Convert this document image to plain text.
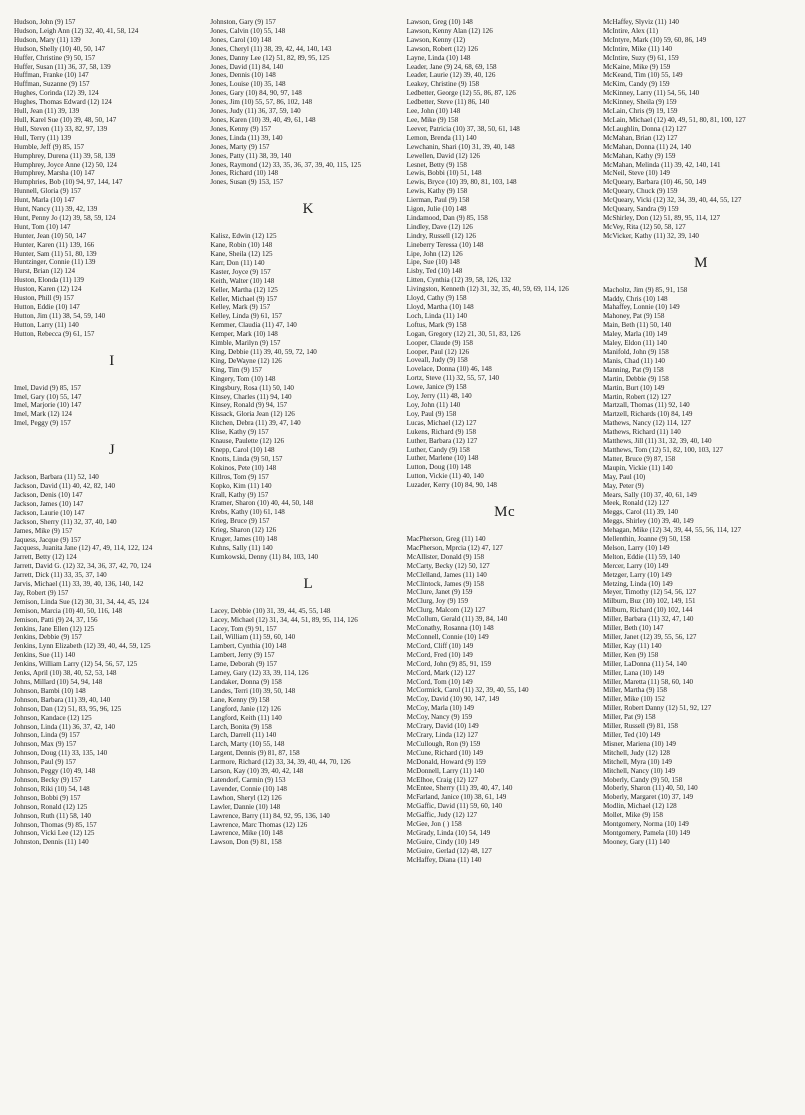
Hudson, John (9) 157
Hudson, Leigh Ann (12) 32, 40, 41, 58, 124
Hudson, Mary (11) 139
Hudson, Shelly (10) 40, 50, 147
Huffer, Christine (9) 50, 157
Huffer, Susan (11) 36, 37, 58, 139
Huffman, Franke (10) 147
Huffman, Suzanne (9) 157
Hughes, Corinda (12) 39, 124
Hughes, Thomas Edward (12) 124
Hull, Jean (11) 39, 139
Hull, Karel Sue (10) 39, 48, 50, 147
Hull, Steven (11) 33, 82, 97, 139
Hull, Terry (11) 139
Humble, Jeff (9) 85, 157
Humphrey, Durena (11) 39, 58, 139
Humphrey, Joyce Anne (12) 50, 124
Humphrey, Marsha (10) 147
Humphries, Bob (10) 94, 97, 144, 147
Hunnell, Gloria (9) 157
Hunt, Marla (10) 147
Hunt, Nancy (11) 39, 42, 139
Hunt, Penny Jo (12) 39, 58, 59, 124
Hunt, Tom (10) 147
Hunter, Jean (10) 50, 147
Hunter, Karen (11) 139, 166
Hunter, Sam (11) 51, 80, 139
Huntzinger, Connie (11) 139
Hurst, Brian (12) 124
Huston, Elonda (11) 139
Huston, Karen (12) 124
Huston, Phill (9) 157
Hutton, Eddie (10) 147
Hutton, Jim (11) 38, 54, 59, 140
Hutton, Larry (11) 140
Hutton, Rebecca (9) 61, 157
I
Imel, David (9) 85, 157
Imel, Gary (10) 55, 147
Imel, Marjorie (10) 147
Imel, Mark (12) 124
Imel, Peggy (9) 157
J
Jackson, Barbara (11) 52, 140
Jackson, David (11) 40, 42, 82, 140
Jackson, Denis (10) 147
Jackson, James (10) 147
Jackson, Laurie (10) 147
Jackson, Sherry (11) 32, 37, 40, 140
James, Mike (9) 157
Jaquess, Jacque (9) 157
Jacquess, Juanita Jane (12) 47, 49, 114, 122, 124
Jarrett, Betty (12) 124
Jarrett, David G. (12) 32, 34, 36, 37, 42, 70, 124
Jarrett, Dick (11) 33, 35, 37, 140
Jarvis, Michael (11) 33, 39, 40, 136, 140, 142
Jay, Robert (9) 157
Jemison, Linda Sue (12) 30, 31, 34, 44, 45, 124
Jemison, Marcia (10) 40, 50, 116, 148
Jemison, Patti (9) 24, 37, 156
Jenkins, Jane Ellen (12) 125
Jenkins, Debbie (9) 157
Jenkins, Lynn Elizabeth (12) 39, 40, 44, 59, 125
Jenkins, Sue (11) 140
Jenkins, William Larry (12) 54, 56, 57, 125
Jenks, April (10) 38, 40, 52, 53, 148
Johns, Millard (10) 54, 94, 148
Johnson, Bambi (10) 148
Johnson, Barbara (11) 39, 40, 140
Johnson, Dan (12) 51, 83, 95, 96, 125
Johnson, Kandace (12) 125
Johnson, Linda (11) 36, 37, 42, 140
Johnson, Linda (9) 157
Johnson, Max (9) 157
Johnson, Doug (11) 33, 135, 140
Johnson, Paul (9) 157
Johnson, Peggy (10) 49, 148
Johnson, Becky (9) 157
Johnson, Riki (10) 54, 148
Johnson, Bobbi (9) 157
Johnson, Ronald (12) 125
Johnson, Ruth (11) 58, 140
Johnson, Thomas (9) 85, 157
Johnson, Vicki Lee (12) 125
Johnston, Dennis (11) 140
Johnston, Gary (9) 157
Jones, Calvin (10) 55, 148
Jones, Carol (10) 148
Jones, Cheryl (11) 38, 39, 42, 44, 140, 143
Jones, Danny Lee (12) 51, 82, 89, 95, 125
Jones, David (11) 84, 140
Jones, Dennis (10) 148
Jones, Louise (10) 35, 148
Jones, Gary (10) 84, 90, 97, 148
Jones, Jim (10) 55, 57, 86, 102, 148
Jones, Judy (11) 36, 37, 59, 140
Jones, Karen (10) 39, 40, 49, 61, 148
Jones, Kenny (9) 157
Jones, Linda (11) 39, 140
Jones, Marty (9) 157
Jones, Patty (11) 38, 39, 140
Jones, Raymond (12) 33, 35, 36, 37, 39, 40, 115, 125
Jones, Richard (10) 148
Jones, Susan (9) 153, 157
K
Kalisz, Edwin (12) 125
Kane, Robin (10) 148
Kane, Sheila (12) 125
Karr, Don (11) 140
Kaster, Joyce (9) 157
Keith, Walter (10) 148
Keller, Martha (12) 125
Keller, Michael (9) 157
Kelley, Mark (9) 157
Kelley, Linda (9) 61, 157
Kemmer, Claudia (11) 47, 140
Kemper, Mark (10) 148
Kimble, Marilyn (9) 157
King, Debbie (11) 39, 40, 59, 72, 140
King, DeWayne (12) 126
King, Tim (9) 157
Kingery, Tom (10) 148
Kingsbury, Rosa (11) 50, 140
Kinsey, Charles (11) 94, 140
Kinsey, Ronald (9) 94, 157
Kissack, Gloria Jean (12) 126
Kitchen, Debra (11) 39, 47, 140
Klise, Kathy (9) 157
Knause, Paulette (12) 126
Knepp, Carol (10) 148
Knotts, Linda (9) 50, 157
Kokinos, Pete (10) 148
Killros, Tom (9) 157
Kopko, Kim (11) 140
Krall, Kathy (9) 157
Kramer, Sharon (10) 40, 44, 50, 148
Krebs, Kathy (10) 61, 148
Krieg, Bruce (9) 157
Krieg, Sharon (12) 126
Kruger, James (10) 148
Kuhns, Sally (11) 140
Kumkowski, Denny (11) 84, 103, 140
L
Lacey, Debbie (10) 31, 39, 44, 45, 55, 148
Lacey, Michael (12) 31, 34, 44, 51, 89, 95, 114, 126
Lacey, Tom (9) 91, 157
Lail, William (11) 59, 60, 140
Lambert, Cynthia (10) 148
Lambert, Jerry (9) 157
Lame, Deborah (9) 157
Lamey, Gary (12) 33, 39, 114, 126
Landaker, Donna (9) 158
Landes, Terri (10) 39, 50, 148
Lane, Kenny (9) 158
Langford, Janie (12) 126
Langford, Keith (11) 140
Larch, Bonita (9) 158
Larch, Darrell (11) 140
Larch, Marty (10) 55, 148
Largent, Dennis (9) 81, 87, 158
Larmore, Richard (12) 33, 34, 39, 40, 44, 70, 126
Larson, Kay (10) 39, 40, 42, 148
Latendorf, Carmin (9) 153
Lavender, Connie (10) 148
Lawhon, Sheryl (12) 126
Lawler, Dannie (10) 148
Lawrence, Barry (11) 84, 92, 95, 136, 140
Lawrence, Marc Thomas (12) 126
Lawrence, Mike (10) 148
Lawson, Don (9) 81, 158
Lawson, Greg (10) 148
Lawson, Kenny Alan (12) 126
Lawson, Kenny (12)
Lawson, Robert (12) 126
Layne, Linda (10) 148
Leader, Jane (9) 24, 68, 69, 158
Leader, Laurie (12) 39, 40, 126
Leakey, Christine (9) 158
Ledbetter, George (12) 55, 86, 87, 126
Ledbetter, Steve (11) 86, 140
Lee, John (10) 148
Lee, Mike (9) 158
Leever, Patricia (10) 37, 38, 50, 61, 148
Lemon, Brenda (11) 140
Lewchanin, Shari (10) 31, 39, 40, 148
Lewellen, David (12) 126
Lesnet, Betty (9) 158
Lewis, Bobbi (10) 51, 148
Lewis, Bryce (10) 39, 80, 81, 103, 148
Lewis, Kathy (9) 158
Lierman, Paul (9) 158
Ligon, Julie (10) 148
Lindamood, Dan (9) 85, 158
Lindley, Dave (12) 126
Lindry, Russell (12) 126
Lineberry Teressa (10) 148
Lipe, John (12) 126
Lipe, Sue (10) 148
Lisby, Ted (10) 148
Litten, Cynthia (12) 39, 58, 126, 132
Livingston, Kenneth (12) 31, 32, 35, 40, 59, 69, 114, 126
Lloyd, Cathy (9) 158
Lloyd, Martha (10) 148
Loch, Linda (11) 140
Loftus, Mark (9) 158
Logan, Gregory (12) 21, 30, 51, 83, 126
Looper, Claude (9) 158
Looper, Paul (12) 126
Loveall, Judy (9) 158
Lovelace, Donna (10) 46, 148
Lortz, Steve (11) 32, 55, 57, 140
Lowe, Janice (9) 158
Loy, Jerry (11) 48, 140
Loy, John (11) 140
Loy, Paul (9) 158
Lucas, Michael (12) 127
Lukens, Richard (9) 158
Luther, Barbara (12) 127
Luther, Candy (9) 158
Luther, Marlene (10) 148
Lutton, Doug (10) 148
Lutton, Vickie (11) 40, 140
Luzader, Kerry (10) 84, 90, 148
Mc
MacPherson, Greg (11) 140
MacPherson, Mprcia (12) 47, 127
McAllister, Donald (9) 158
McCarty, Becky (12) 50, 127
McClelland, James (11) 140
McClintock, James (9) 158
McClure, Janet (9) 159
McClurg, Joy (9) 159
McClurg, Malcom (12) 127
McCollum, Gerald (11) 39, 84, 140
McConathy, Rosanna (10) 148
McConnell, Connie (10) 149
McCord, Cliff (10) 149
McCord, Fred (10) 149
McCord, John (9) 85, 91, 159
McCord, Mark (12) 127
McCord, Tom (10) 149
McCormick, Carol (11) 32, 39, 40, 55, 140
McCoy, David (10) 90, 147, 149
McCoy, Marla (10) 149
McCoy, Nancy (9) 159
McCrary, David (10) 149
McCrary, Linda (12) 127
McCullough, Ron (9) 159
McCune, Richard (10) 149
McDonald, Howard (9) 159
McDonnell, Larry (11) 140
McElhoe, Craig (12) 127
McEntee, Sherry (11) 39, 40, 47, 140
McFarland, Janice (10) 38, 61, 149
McGaffic, David (11) 59, 60, 140
McGaffic, Judy (12) 127
McGee, Jon ( ) 158
McGrady, Linda (10) 54, 149
McGuire, Cindy (10) 149
McGuire, Gerlad (12) 48, 127
McHaffey, Diana (11) 140
McHaffey, Slyviz (11) 140
McIntire, Alex (11)
McIntyre, Mark (10) 59, 60, 86, 149
McIntire, Mike (11) 140
McIntire, Suzy (9) 61, 159
McKaine, Mike (9) 159
McKeand, Tim (10) 55, 149
McKim, Candy (9) 159
McKinney, Larry (11) 54, 56, 140
McKinney, Sheila (9) 159
McLain, Chris (9) 19, 159
McLain, Michael (12) 40, 49, 51, 80, 81, 100, 127
McLaughlin, Donna (12) 127
McMahan, Brian (12) 127
McMahan, Donna (11) 24, 140
McMahan, Kathy (9) 159
McMahan, Melinda (11) 39, 42, 140, 141
McNeil, Steve (10) 149
McQueary, Barbara (10) 46, 50, 149
McQueary, Chuck (9) 159
McQueary, Vicki (12) 32, 34, 39, 40, 44, 55, 127
McQueary, Sandra (9) 159
McShirley, Don (12) 51, 89, 95, 114, 127
McVey, Rita (12) 50, 58, 127
McVicker, Kathy (11) 32, 39, 140
M
Macholtz, Jim (9) 85, 91, 158
Maddy, Chris (10) 148
Mahaffey, Lonnie (10) 149
Mahoney, Pat (9) 158
Main, Beth (11) 50, 140
Maley, Marla (10) 149
Maley, Eldon (11) 140
Manifold, John (9) 158
Manis, Chad (11) 140
Manning, Pat (9) 158
Martin, Debbie (9) 158
Martin, Burt (10) 149
Martin, Robert (12) 127
Martzall, Thomas (11) 92, 140
Martzell, Richards (10) 84, 149
Mathews, Nancy (12) 114, 127
Mathews, Richard (11) 140
Matthews, Jill (11) 31, 32, 39, 40, 140
Matthews, Tom (12) 51, 82, 100, 103, 127
Matter, Bruce (9) 87, 158
Maupin, Vickie (11) 140
May, Paul (10)
May, Peter (9)
Mears, Sally (10) 37, 40, 61, 149
Meek, Ronald (12) 127
Meggs, Carol (11) 39, 140
Meggs, Shirley (10) 39, 40, 149
Mehagan, Mike (12) 34, 39, 44, 55, 56, 114, 127
Mellenthin, Joanne (9) 50, 158
Melson, Larry (10) 149
Melton, Eddie (11) 59, 140
Mercer, Larry (10) 149
Metzger, Larry (10) 149
Metzing, Linda (10) 149
Meyer, Timothy (12) 54, 56, 127
Milburn, Buz (10) 102, 149, 151
Milburn, Richard (10) 102, 144
Miller, Barbara (11) 32, 47, 140
Miller, Beth (10) 147
Miller, Janet (12) 39, 55, 56, 127
Miller, Kay (11) 140
Miller, Ken (9) 158
Miller, LaDonna (11) 54, 140
Miller, Lana (10) 149
Miller, Maretta (11) 58, 60, 140
Miller, Martha (9) 158
Miller, Mike (10) 152
Miller, Robert Danny (12) 51, 92, 127
Miller, Pat (9) 158
Miller, Russell (9) 81, 158
Miller, Ted (10) 149
Misner, Mariena (10) 149
Mitchell, Judy (12) 128
Mitchell, Myra (10) 149
Mitchell, Nancy (10) 149
Moberly, Candy (9) 50, 158
Moberly, Sharon (11) 40, 50, 140
Moberly, Margaret (10) 37, 149
Modlin, Michael (12) 128
Mollet, Mike (9) 158
Montgomery, Norma (10) 149
Montgomery, Pamela (10) 149
Mooney, Gary (11) 140
